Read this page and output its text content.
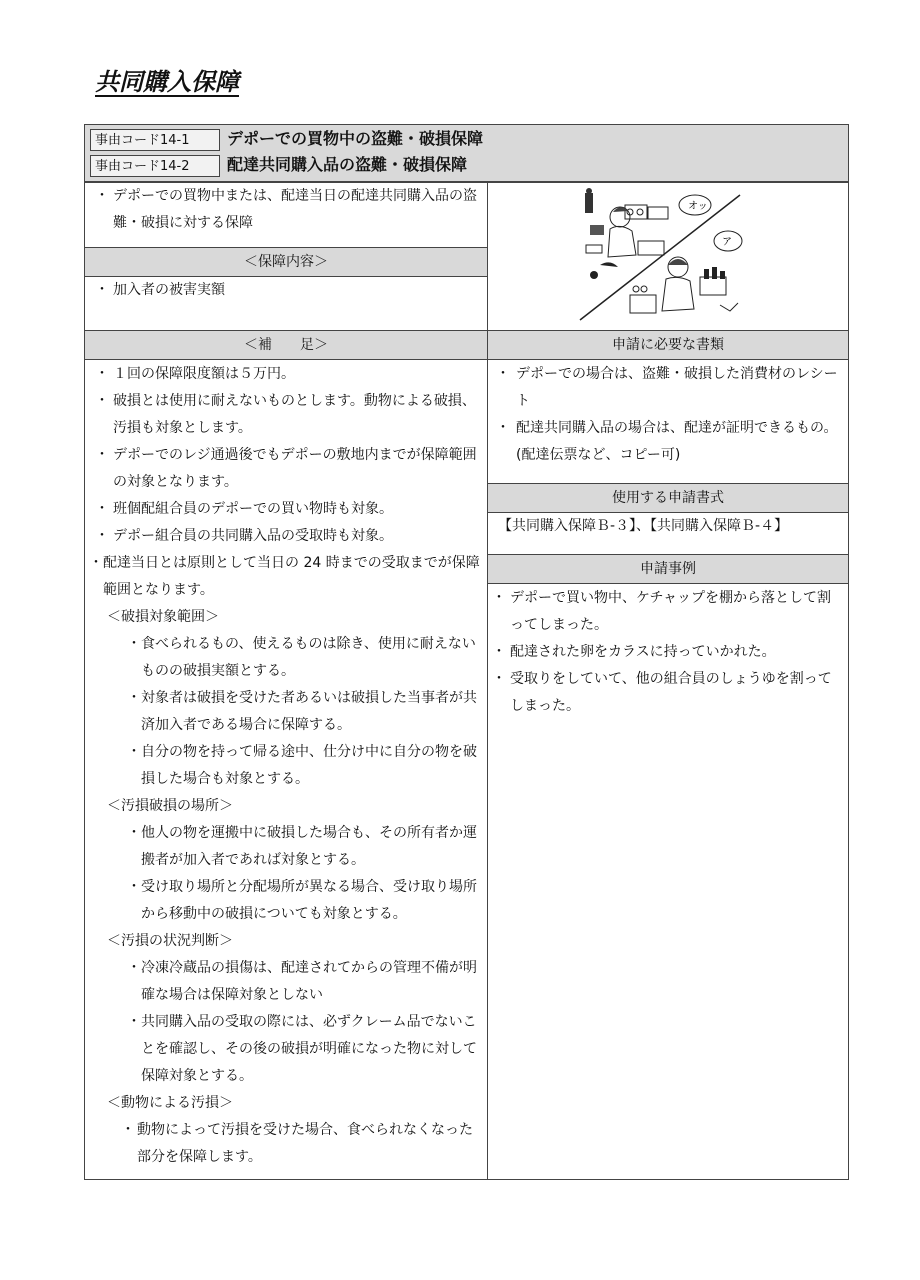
共同購入保障
事由コード14-1	デポーでの買物中の盗難・破損保障
事由コード14-2	配達共同購入品の盗難・破損保障
・ デポーでの買物中または、配達当日の配達共同購入品の盗難・破損に対する保障
＜保障内容＞
・ 加入者の被害実額
＜補　　足＞	申請に必要な書類
・ １回の保障限度額は５万円。
・ 破損とは使用に耐えないものとします。動物による破損、汚損も対象とします。
・ デポーでのレジ通過後でもデポーの敷地内までが保障範囲の対象となります。
・ 班個配組合員のデポーでの買い物時も対象。
・ デポー組合員の共同購入品の受取時も対象。
・ 配達当日とは原則として当日の 24 時までの受取までが保障範囲となります。
＜破損対象範囲＞
・ 食べられるもの、使えるものは除き、使用に耐えないものの破損実額とする。
・ 対象者は破損を受けた者あるいは破損した当事者が共済加入者である場合に保障する。
・ 自分の物を持って帰る途中、仕分け中に自分の物を破損した場合も対象とする。
＜汚損破損の場所＞
・ 他人の物を運搬中に破損した場合も、その所有者か運搬者が加入者であれば対象とする。
・ 受け取り場所と分配場所が異なる場合、受け取り場所から移動中の破損についても対象とする。
＜汚損の状況判断＞
・ 冷凍冷蔵品の損傷は、配達されてからの管理不備が明確な場合は保障対象としない
・ 共同購入品の受取の際には、必ずクレーム品でないことを確認し、その後の破損が明確になった物に対して保障対象とする。
＜動物による汚損＞
・ 動物によって汚損を受けた場合、食べられなくなった部分を保障します。
・ デポーでの場合は、盗難・破損した消費材のレシート
・ 配達共同購入品の場合は、配達が証明できるもの。(配達伝票など、コピー可)
使用する申請書式
【共同購入保障Ｂ-３】、【共同購入保障Ｂ-４】
申請事例
・ デポーで買い物中、ケチャップを棚から落として割ってしまった。
・ 配達された卵をカラスに持っていかれた。
・ 受取りをしていて、他の組合員のしょうゆを割ってしまった。
オッ
ア
